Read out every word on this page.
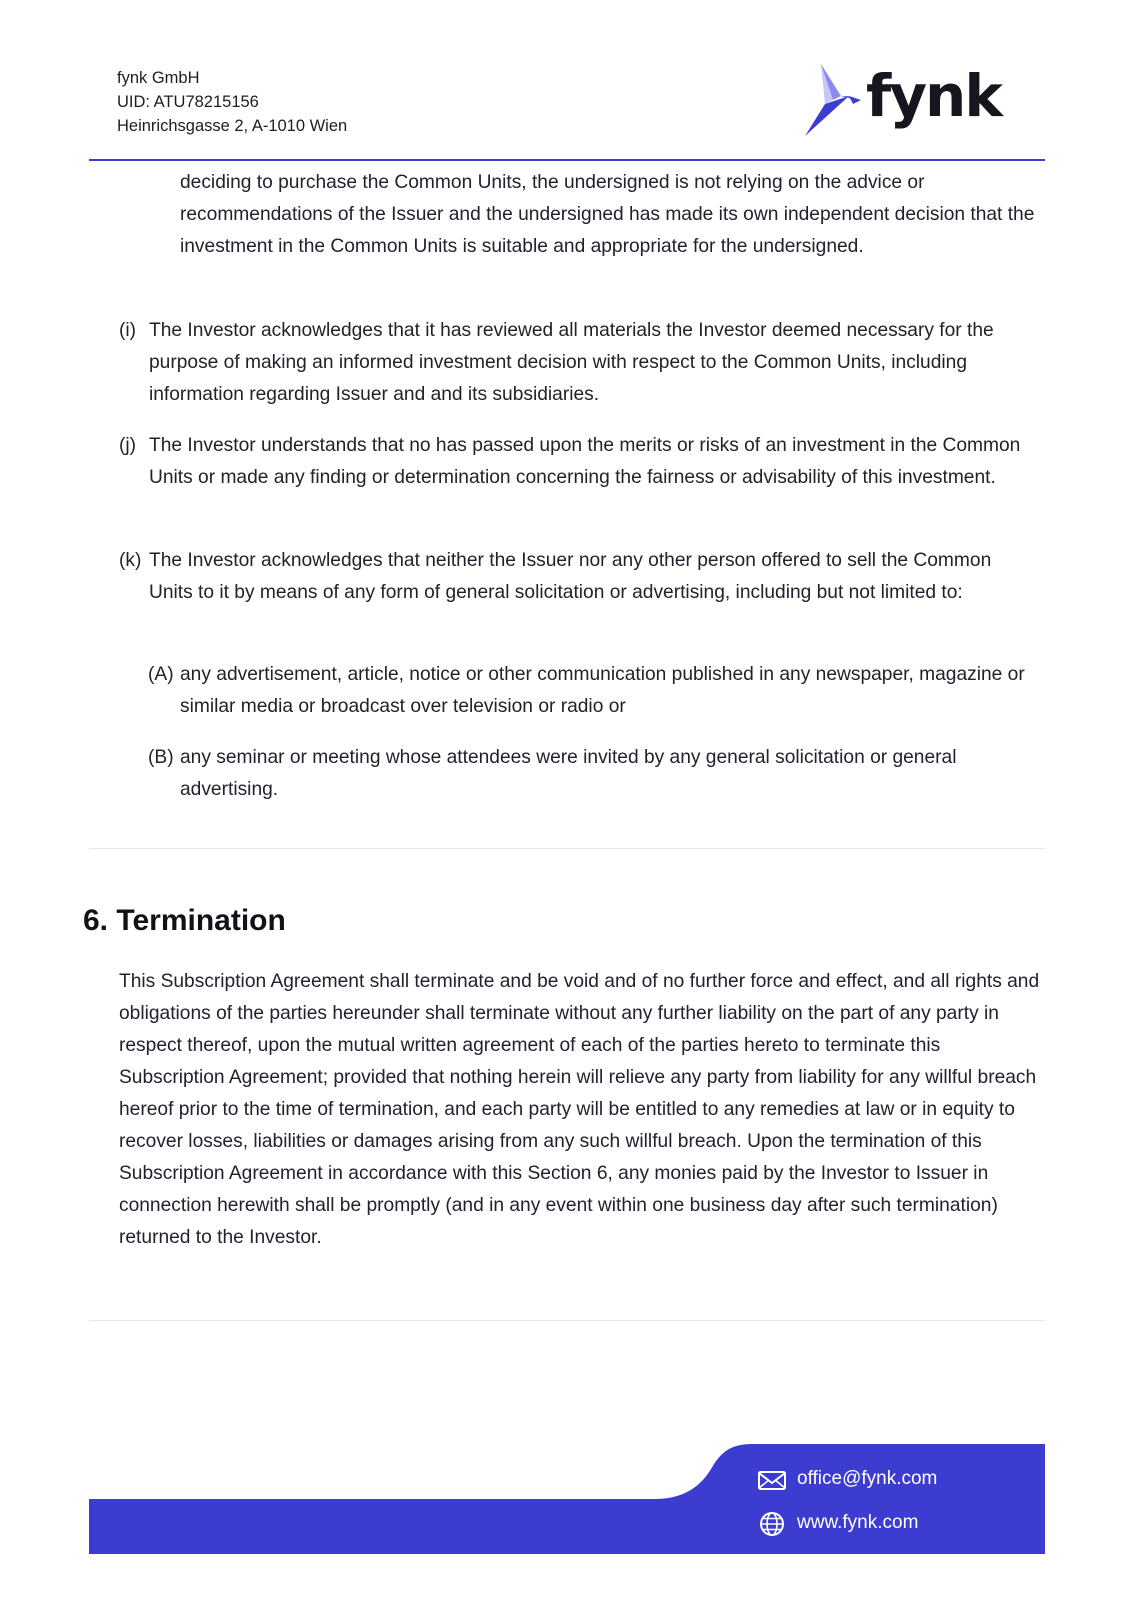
fynk GmbH
UID: ATU78215156
Heinrichsgasse 2, A-1010 Wien	fynk
deciding to purchase the Common Units, the undersigned is not relying on the advice or recommendations of the Issuer and the undersigned has made its own independent decision that the investment in the Common Units is suitable and appropriate for the undersigned.
(i) The Investor acknowledges that it has reviewed all materials the Investor deemed necessary for the purpose of making an informed investment decision with respect to the Common Units, including information regarding Issuer and and its subsidiaries.
(j) The Investor understands that no has passed upon the merits or risks of an investment in the Common Units or made any finding or determination concerning the fairness or advisability of this investment.
(k) The Investor acknowledges that neither the Issuer nor any other person offered to sell the Common Units to it by means of any form of general solicitation or advertising, including but not limited to:
(A) any advertisement, article, notice or other communication published in any newspaper, magazine or similar media or broadcast over television or radio or
(B) any seminar or meeting whose attendees were invited by any general solicitation or general advertising.
6. Termination
This Subscription Agreement shall terminate and be void and of no further force and effect, and all rights and obligations of the parties hereunder shall terminate without any further liability on the part of any party in respect thereof, upon the mutual written agreement of each of the parties hereto to terminate this Subscription Agreement; provided that nothing herein will relieve any party from liability for any willful breach hereof prior to the time of termination, and each party will be entitled to any remedies at law or in equity to recover losses, liabilities or damages arising from any such willful breach. Upon the termination of this Subscription Agreement in accordance with this Section 6, any monies paid by the Investor to Issuer in connection herewith shall be promptly (and in any event within one business day after such termination) returned to the Investor.
office@fynk.com
www.fynk.com
